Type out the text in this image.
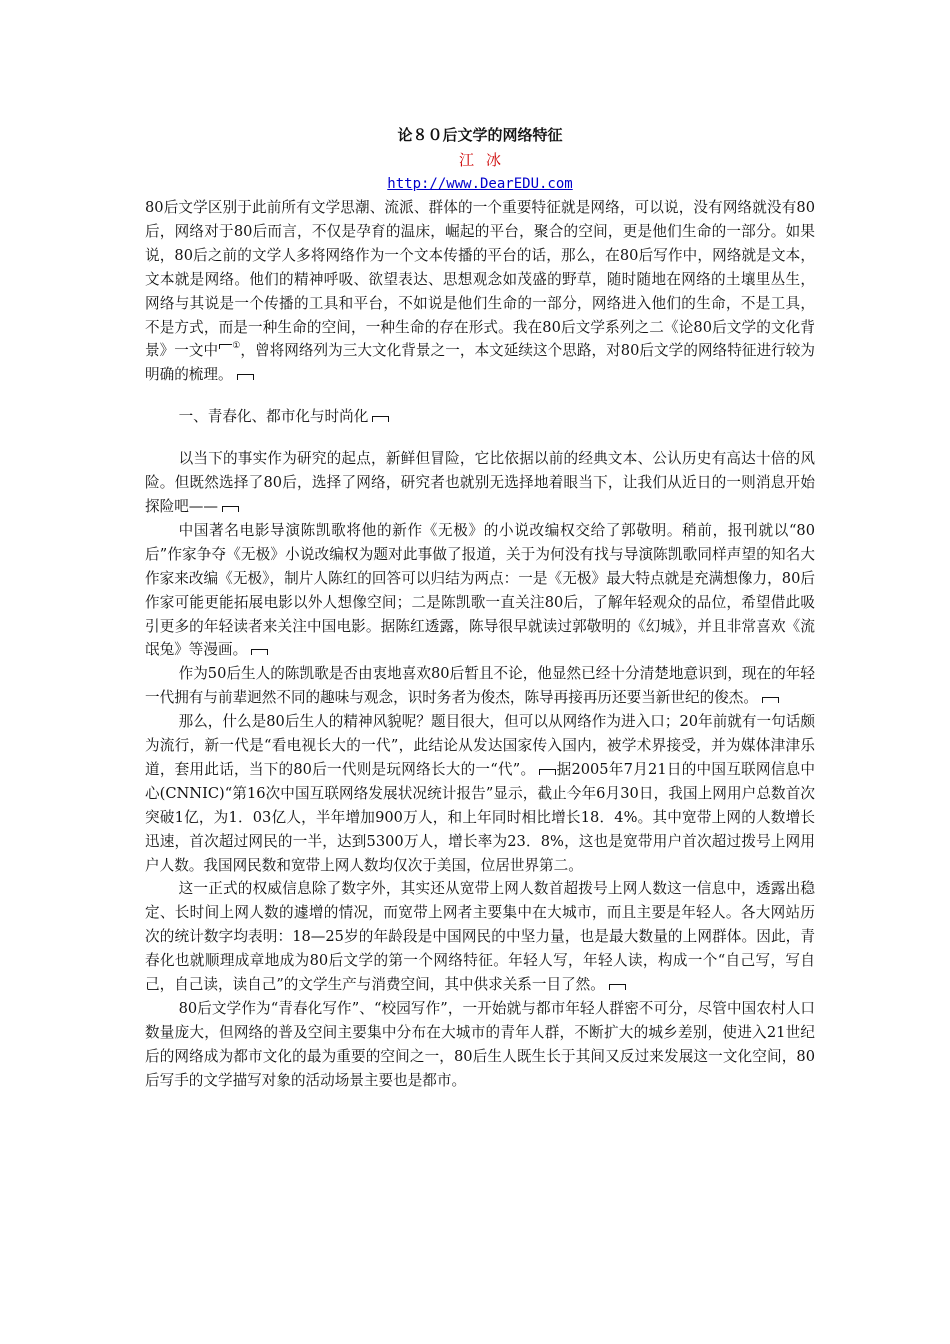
论８０后文学的网络特征

江冰

http://www.DearEDU.com

80后文学区别于此前所有文学思潮、流派、群体的一个重要特征就是网络，可以说，没有网络就没有80后，网络对于80后而言，不仅是孕育的温床，崛起的平台，聚合的空间，更是他们生命的一部分。如果说，80后之前的文学人多将网络作为一个文本传播的平台的话，那么，在80后写作中，网络就是文本，文本就是网络。他们的精神呼吸、欲望表达、思想观念如茂盛的野草，随时随地在网络的土壤里丛生，网络与其说是一个传播的工具和平台，不如说是他们生命的一部分，网络进入他们的生命，不是工具，不是方式，而是一种生命的空间，一种生命的存在形式。我在80后文学系列之二《论80后文学的文化背景》一文中 ①，曾将网络列为三大文化背景之一，本文延续这个思路，对80后文学的网络特征进行较为明确的梳理。

一、青春化、都市化与时尚化

以当下的事实作为研究的起点，新鲜但冒险，它比依据以前的经典文本、公认历史有高达十倍的风险。但既然选择了80后，选择了网络，研究者也就别无选择地着眼当下，让我们从近日的一则消息开始探险吧——

中国著名电影导演陈凯歌将他的新作《无极》的小说改编权交给了郭敬明。稍前，报刊就以“80后”作家争夺《无极》小说改编权为题对此事做了报道，关于为何没有找与导演陈凯歌同样声望的知名大作家来改编《无极》，制片人陈红的回答可以归结为两点：一是《无极》最大特点就是充满想像力，80后作家可能更能拓展电影以外人想像空间；二是陈凯歌一直关注80后，了解年轻观众的品位，希望借此吸引更多的年轻读者来关注中国电影。据陈红透露，陈导很早就读过郭敬明的《幻城》，并且非常喜欢《流氓兔》等漫画。

作为50后生人的陈凯歌是否由衷地喜欢80后暂且不论，他显然已经十分清楚地意识到，现在的年轻一代拥有与前辈迥然不同的趣味与观念，识时务者为俊杰，陈导再接再历还要当新世纪的俊杰。

那么，什么是80后生人的精神风貌呢？题目很大，但可以从网络作为进入口；20年前就有一句话颇为流行，新一代是“看电视长大的一代”，此结论从发达国家传入国内，被学术界接受，并为媒体津津乐道，套用此话，当下的80后一代则是玩网络长大的一“代”。 据2005年7月21日的中国互联网信息中心(CNNIC)“第16次中国互联网络发展状况统计报告”显示，截止今年6月30日，我国上网用户总数首次突破1亿，为1．03亿人，半年增加900万人，和上年同时相比增长18．4%。其中宽带上网的人数增长迅速，首次超过网民的一半，达到5300万人，增长率为23．8%，这也是宽带用户首次超过拨号上网用户人数。我国网民数和宽带上网人数均仅次于美国，位居世界第二。

这一正式的权威信息除了数字外，其实还从宽带上网人数首超拨号上网人数这一信息中，透露出稳定、长时间上网人数的遽增的情况，而宽带上网者主要集中在大城市，而且主要是年轻人。各大网站历次的统计数字均表明：18—25岁的年龄段是中国网民的中坚力量，也是最大数量的上网群体。因此，青春化也就顺理成章地成为80后文学的第一个网络特征。年轻人写，年轻人读，构成一个“自己写，写自己，自己读，读自己”的文学生产与消费空间，其中供求关系一目了然。

80后文学作为“青春化写作”、“校园写作”，一开始就与都市年轻人群密不可分，尽管中国农村人口数量庞大，但网络的普及空间主要集中分布在大城市的青年人群，不断扩大的城乡差别，使进入21世纪后的网络成为都市文化的最为重要的空间之一，80后生人既生长于其间又反过来发展这一文化空间，80后写手的文学描写对象的活动场景主要也是都市。
